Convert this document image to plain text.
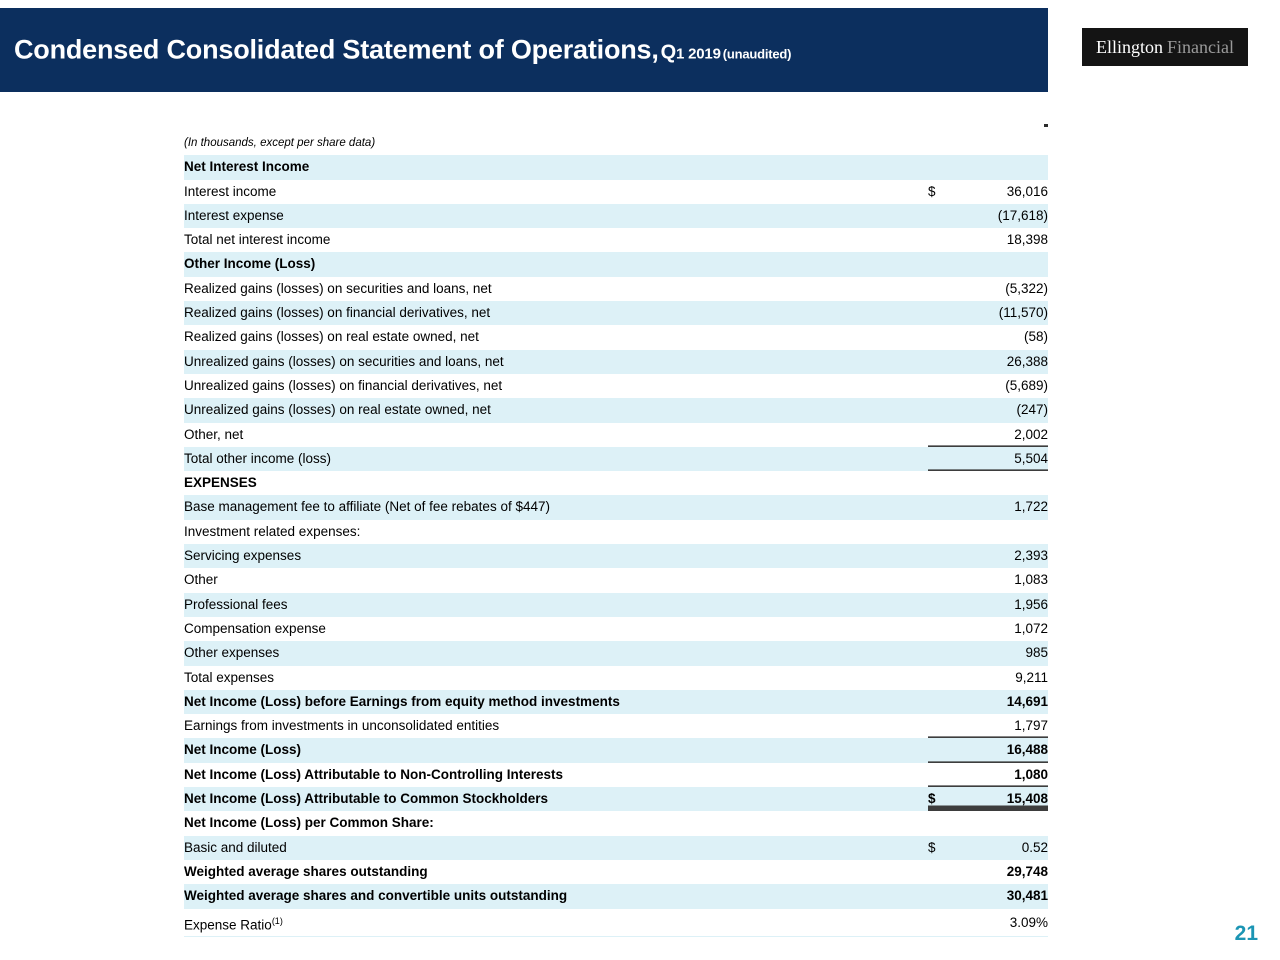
Condensed Consolidated Statement of Operations, Q1 2019 (unaudited)	Ellington Financial
(In thousands, except per share data)		
Net Interest Income		
Interest income	$	36,016
Interest expense		(17,618)
Total net interest income		18,398
Other Income (Loss)		
Realized gains (losses) on securities and loans, net		(5,322)
Realized gains (losses) on financial derivatives, net		(11,570)
Realized gains (losses) on real estate owned, net		(58)
Unrealized gains (losses) on securities and loans, net		26,388
Unrealized gains (losses) on financial derivatives, net		(5,689)
Unrealized gains (losses) on real estate owned, net		(247)
Other, net		2,002
Total other income (loss)		5,504
EXPENSES		
Base management fee to affiliate (Net of fee rebates of $447)		1,722
Investment related expenses:		
Servicing expenses		2,393
Other		1,083
Professional fees		1,956
Compensation expense		1,072
Other expenses		985
Total expenses		9,211
Net Income (Loss) before Earnings from equity method investments		14,691
Earnings from investments in unconsolidated entities		1,797
Net Income (Loss)		16,488
Net Income (Loss) Attributable to Non-Controlling Interests		1,080
Net Income (Loss) Attributable to Common Stockholders	$	15,408
Net Income (Loss) per Common Share:		
Basic and diluted	$	0.52
Weighted average shares outstanding		29,748
Weighted average shares and convertible units outstanding		30,481
Expense Ratio$^{(1)}$		3.09%	21
